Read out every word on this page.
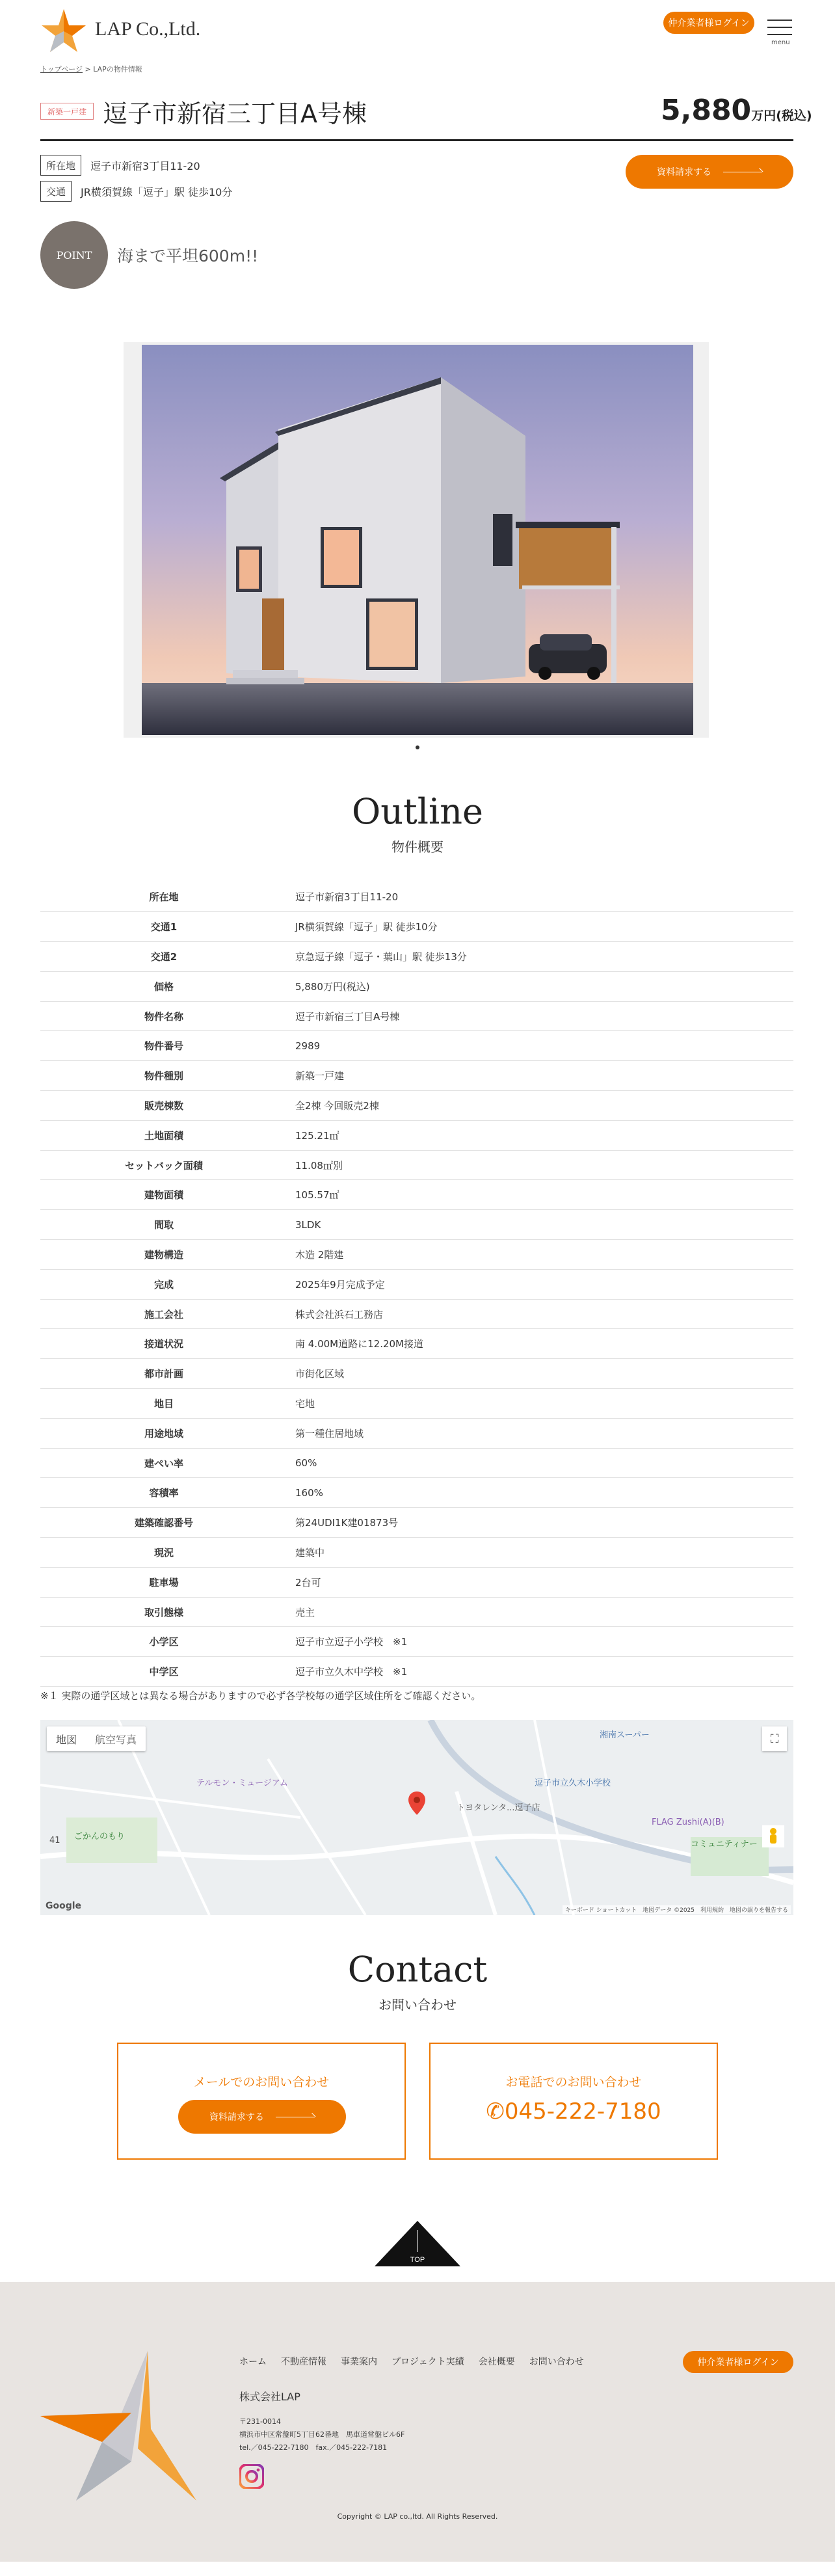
LAP Co.,Ltd.	仲介業者様ログイン
menu
トップページ > LAPの物件情報
新築一戸建 逗子市新宿三丁目A号棟	5,880万円(税込)
所在地	逗子市新宿3丁目11-20
交通	JR横須賀線「逗子」駅 徒歩10分
資料請求する
POINT	海まで平坦600m!!
Outline
物件概要
所在地	逗子市新宿3丁目11-20
交通1	JR横須賀線「逗子」駅 徒歩10分
交通2	京急逗子線「逗子・葉山」駅 徒歩13分
価格	5,880万円(税込)
物件名称	逗子市新宿三丁目A号棟
物件番号	2989
物件種別	新築一戸建
販売棟数	全2棟 今回販売2棟
土地面積	125.21㎡
セットバック面積	11.08㎡別
建物面積	105.57㎡
間取	3LDK
建物構造	木造 2階建
完成	2025年9月完成予定
施工会社	株式会社浜石工務店
接道状況	南 4.00M道路に12.20M接道
都市計画	市街化区域
地目	宅地
用途地域	第一種住居地域
建ぺい率	60%
容積率	160%
建築確認番号	第24UDI1K建01873号
現況	建築中
駐車場	2台可
取引態様	売主
小学区	逗子市立逗子小学校　※1
中学区	逗子市立久木中学校　※1
※１ 実際の通学区域とは異なる場合がありますので必ず各学校毎の通学区域住所をご確認ください。
地図	航空写真	⛶
テルモン・ミュージアム
ごかんのもり
トヨタレンタ...逗子店
逗子市立久木小学校
FLAG Zushi(A)(B)
コミュニティナー
湘南スーパー
41
Google	キーボード ショートカット　地図データ ©2025　利用規約　地図の誤りを報告する
Contact
お問い合わせ
メールでのお問い合わせ
資料請求する
お電話でのお問い合わせ
✆045-222-7180
TOP
ホーム 不動産情報 事業案内 プロジェクト実績 会社概要 お問い合わせ	仲介業者様ログイン
株式会社LAP
〒231-0014
横浜市中区常盤町5丁目62番地　馬車道常盤ビル6F
tel.／045-222-7180　fax.／045-222-7181
Copyright © LAP co.,ltd. All Rights Reserved.
